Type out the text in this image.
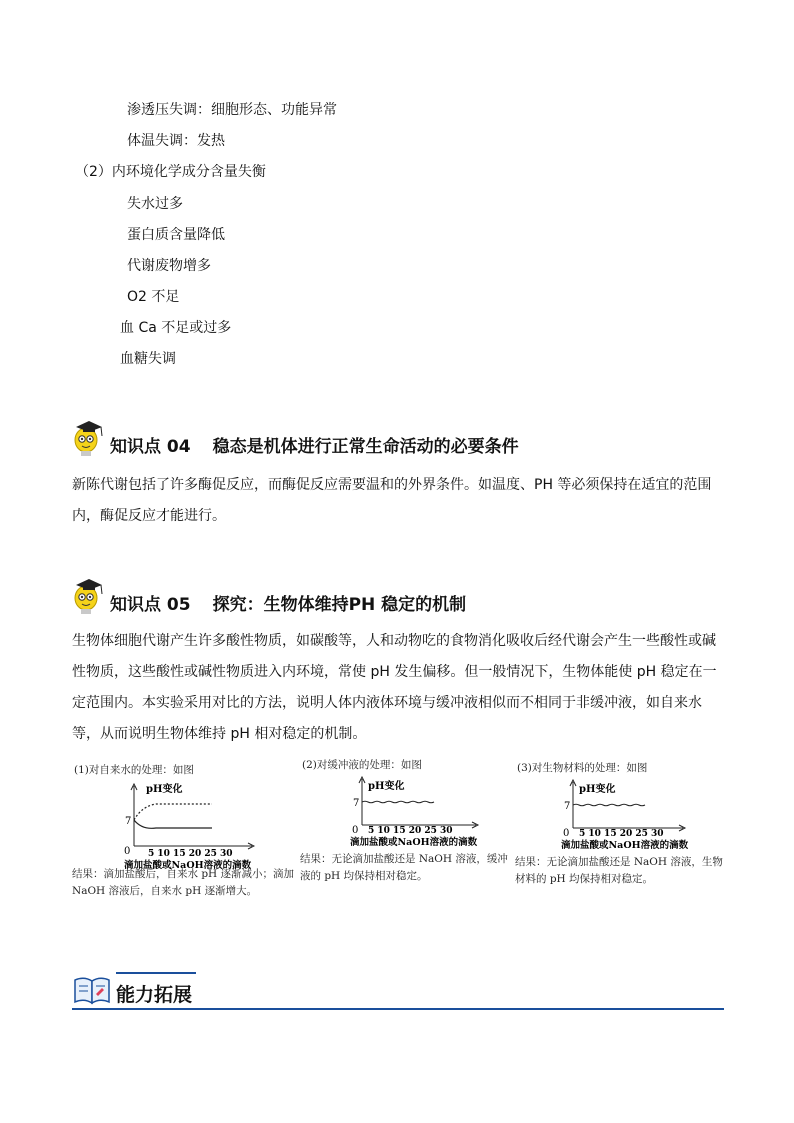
渗透压失调：细胞形态、功能异常
体温失调：发热
（2）内环境化学成分含量失衡
失水过多
蛋白质含量降低
代谢废物增多
O2 不足
血 Ca 不足或过多
血糖失调
知识点 04 稳态是机体进行正常生命活动的必要条件
新陈代谢包括了许多酶促反应，而酶促反应需要温和的外界条件。如温度、PH 等必须保持在适宜的范围内，酶促反应才能进行。
知识点 05 探究：生物体维持PH 稳定的机制
生物体细胞代谢产生许多酸性物质，如碳酸等，人和动物吃的食物消化吸收后经代谢会产生一些酸性或碱性物质，这些酸性或碱性物质进入内环境，常使 pH 发生偏移。但一般情况下，生物体能使 pH 稳定在一定范围内。本实验采用对比的方法，说明人体内液体环境与缓冲液相似而不相同于非缓冲液，如自来水等，从而说明生物体维持 pH 相对稳定的机制。
(1)对自来水的处理：如图
pH变化
7
0 5 10 15 20 25 30
滴加盐酸或NaOH溶液的滴数
结果：滴加盐酸后，自来水 pH 逐渐减小；滴加 NaOH 溶液后，自来水 pH 逐渐增大。
(2)对缓冲液的处理：如图
pH变化
7
0 5 10 15 20 25 30
滴加盐酸或NaOH溶液的滴数
结果：无论滴加盐酸还是 NaOH 溶液，缓冲液的 pH 均保持相对稳定。
(3)对生物材料的处理：如图
pH变化
7
0 5 10 15 20 25 30
滴加盐酸或NaOH溶液的滴数
结果：无论滴加盐酸还是 NaOH 溶液，生物材料的 pH 均保持相对稳定。
能力拓展
